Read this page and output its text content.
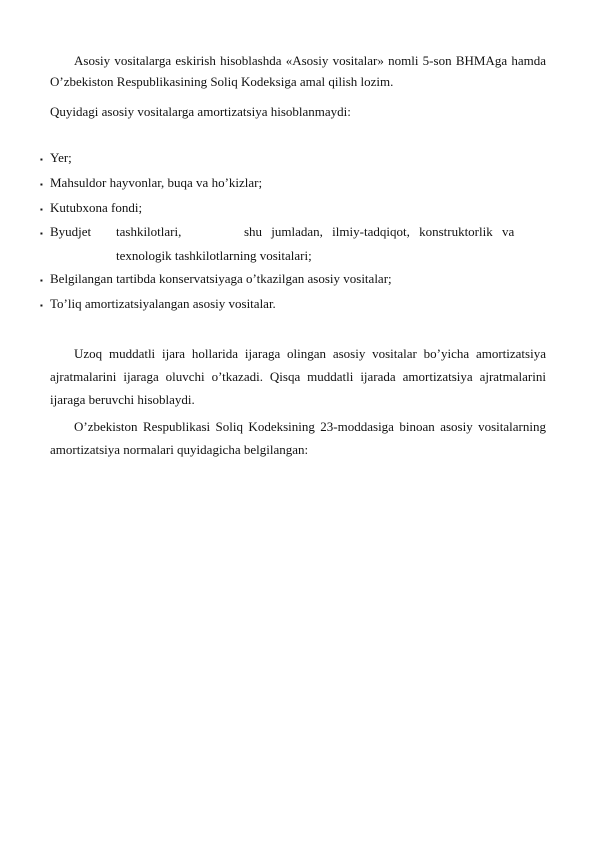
Asosiy vositalarga eskirish hisoblashda «Asosiy vositalar» nomli 5-son BHMAga hamda O’zbekiston Respublikasining Soliq Kodeksiga amal qilish lozim.

Quyidagi asosiy vositalarga amortizatsiya hisoblanmaydi:

▪ Yer;
▪ Mahsuldor hayvonlar, buqa va ho’kizlar;
▪ Kutubxona fondi;
▪ Byudjet tashkilotlari,	shu jumladan, ilmiy-tadqiqot, konstruktorlik va
texnologik tashkilotlarning vositalari;
▪ Belgilangan tartibda konservatsiyaga o’tkazilgan asosiy vositalar;
▪ To’liq amortizatsiyalangan asosiy vositalar.

Uzoq muddatli ijara hollarida ijaraga olingan asosiy vositalar bo’yicha amortizatsiya ajratmalarini ijaraga oluvchi o’tkazadi. Qisqa muddatli ijarada amortizatsiya ajratmalarini ijaraga beruvchi hisoblaydi.

O’zbekiston Respublikasi Soliq Kodeksining 23-moddasiga binoan asosiy vositalarning amortizatsiya normalari quyidagicha belgilangan:
